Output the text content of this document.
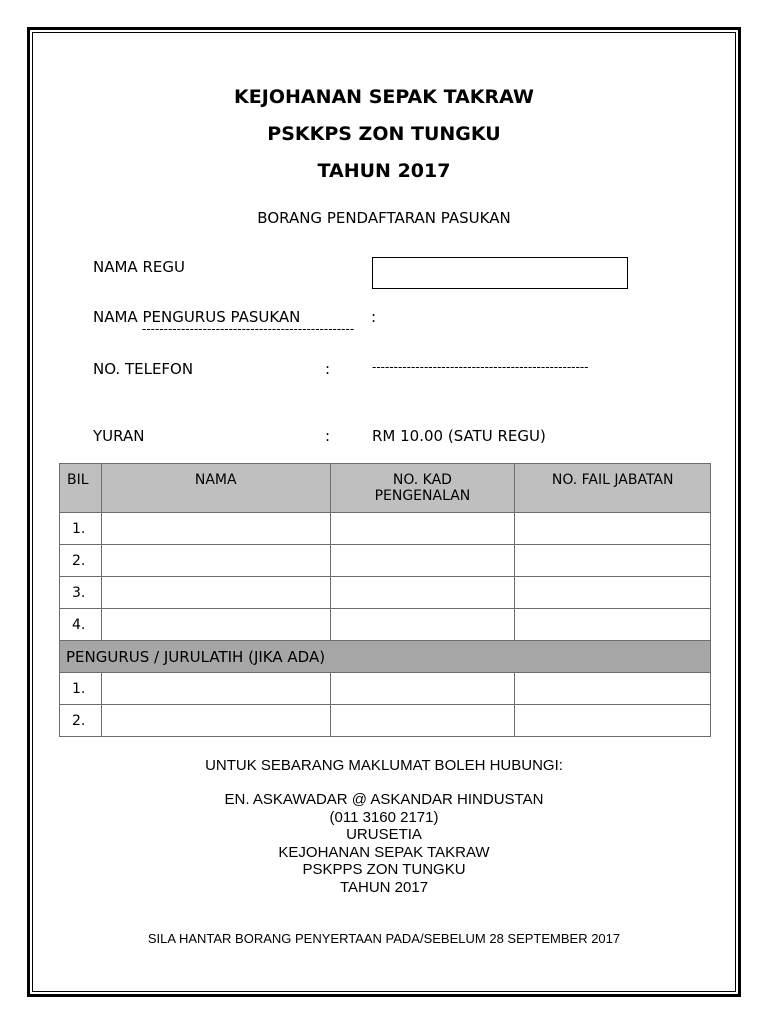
KEJOHANAN SEPAK TAKRAW
PSKKPS ZON TUNGKU
TAHUN 2017
BORANG PENDAFTARAN PASUKAN
NAMA REGU
NAMA PENGURUS PASUKAN	:
-------------------------------------------------
NO. TELEFON	:	--------------------------------------------------
YURAN	:	RM 10.00 (SATU REGU)
BIL	NAMA	NO. KAD PENGENALAN	NO. FAIL JABATAN
1.			
2.			
3.			
4.			
PENGURUS / JURULATIH (JIKA ADA)			
1.			
2.			
UNTUK SEBARANG MAKLUMAT BOLEH HUBUNGI:
EN. ASKAWADAR @ ASKANDAR HINDUSTAN
(011 3160 2171)
URUSETIA
KEJOHANAN SEPAK TAKRAW
PSKPPS ZON TUNGKU
TAHUN 2017
SILA HANTAR BORANG PENYERTAAN PADA/SEBELUM 28 SEPTEMBER 2017
